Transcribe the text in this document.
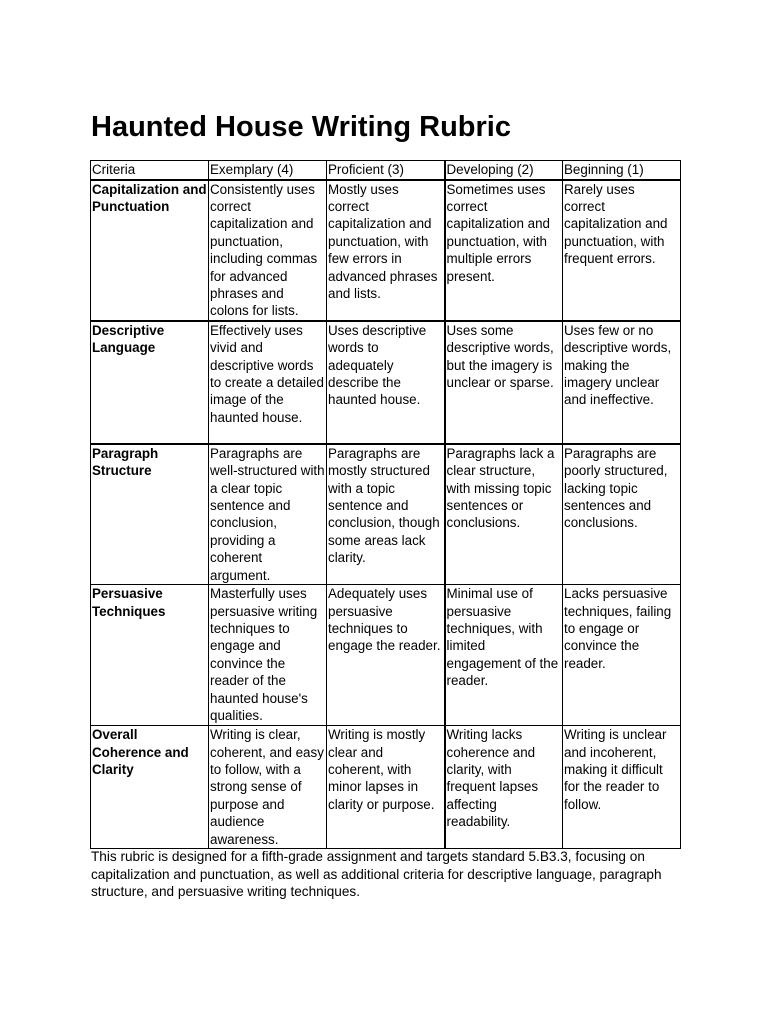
Haunted House Writing Rubric
Criteria	Exemplary (4)	Proficient (3)	Developing (2)	Beginning (1)
Capitalization and Punctuation	Consistently uses correct capitalization and punctuation, including commas for advanced phrases and colons for lists.	Mostly uses correct capitalization and punctuation, with few errors in advanced phrases and lists.	Sometimes uses correct capitalization and punctuation, with multiple errors present.	Rarely uses correct capitalization and punctuation, with frequent errors.
Descriptive Language	Effectively uses vivid and descriptive words to create a detailed image of the haunted house.	Uses descriptive words to adequately describe the haunted house.	Uses some descriptive words, but the imagery is unclear or sparse.	Uses few or no descriptive words, making the imagery unclear and ineffective.
Paragraph Structure	Paragraphs are well-structured with a clear topic sentence and conclusion, providing a coherent argument.	Paragraphs are mostly structured with a topic sentence and conclusion, though some areas lack clarity.	Paragraphs lack a clear structure, with missing topic sentences or conclusions.	Paragraphs are poorly structured, lacking topic sentences and conclusions.
Persuasive Techniques	Masterfully uses persuasive writing techniques to engage and convince the reader of the haunted house's qualities.	Adequately uses persuasive techniques to engage the reader.	Minimal use of persuasive techniques, with limited engagement of the reader.	Lacks persuasive techniques, failing to engage or convince the reader.
Overall Coherence and Clarity	Writing is clear, coherent, and easy to follow, with a strong sense of purpose and audience awareness.	Writing is mostly clear and coherent, with minor lapses in clarity or purpose.	Writing lacks coherence and clarity, with frequent lapses affecting readability.	Writing is unclear and incoherent, making it difficult for the reader to follow.

This rubric is designed for a fifth-grade assignment and targets standard 5.B3.3, focusing on capitalization and punctuation, as well as additional criteria for descriptive language, paragraph structure, and persuasive writing techniques.
